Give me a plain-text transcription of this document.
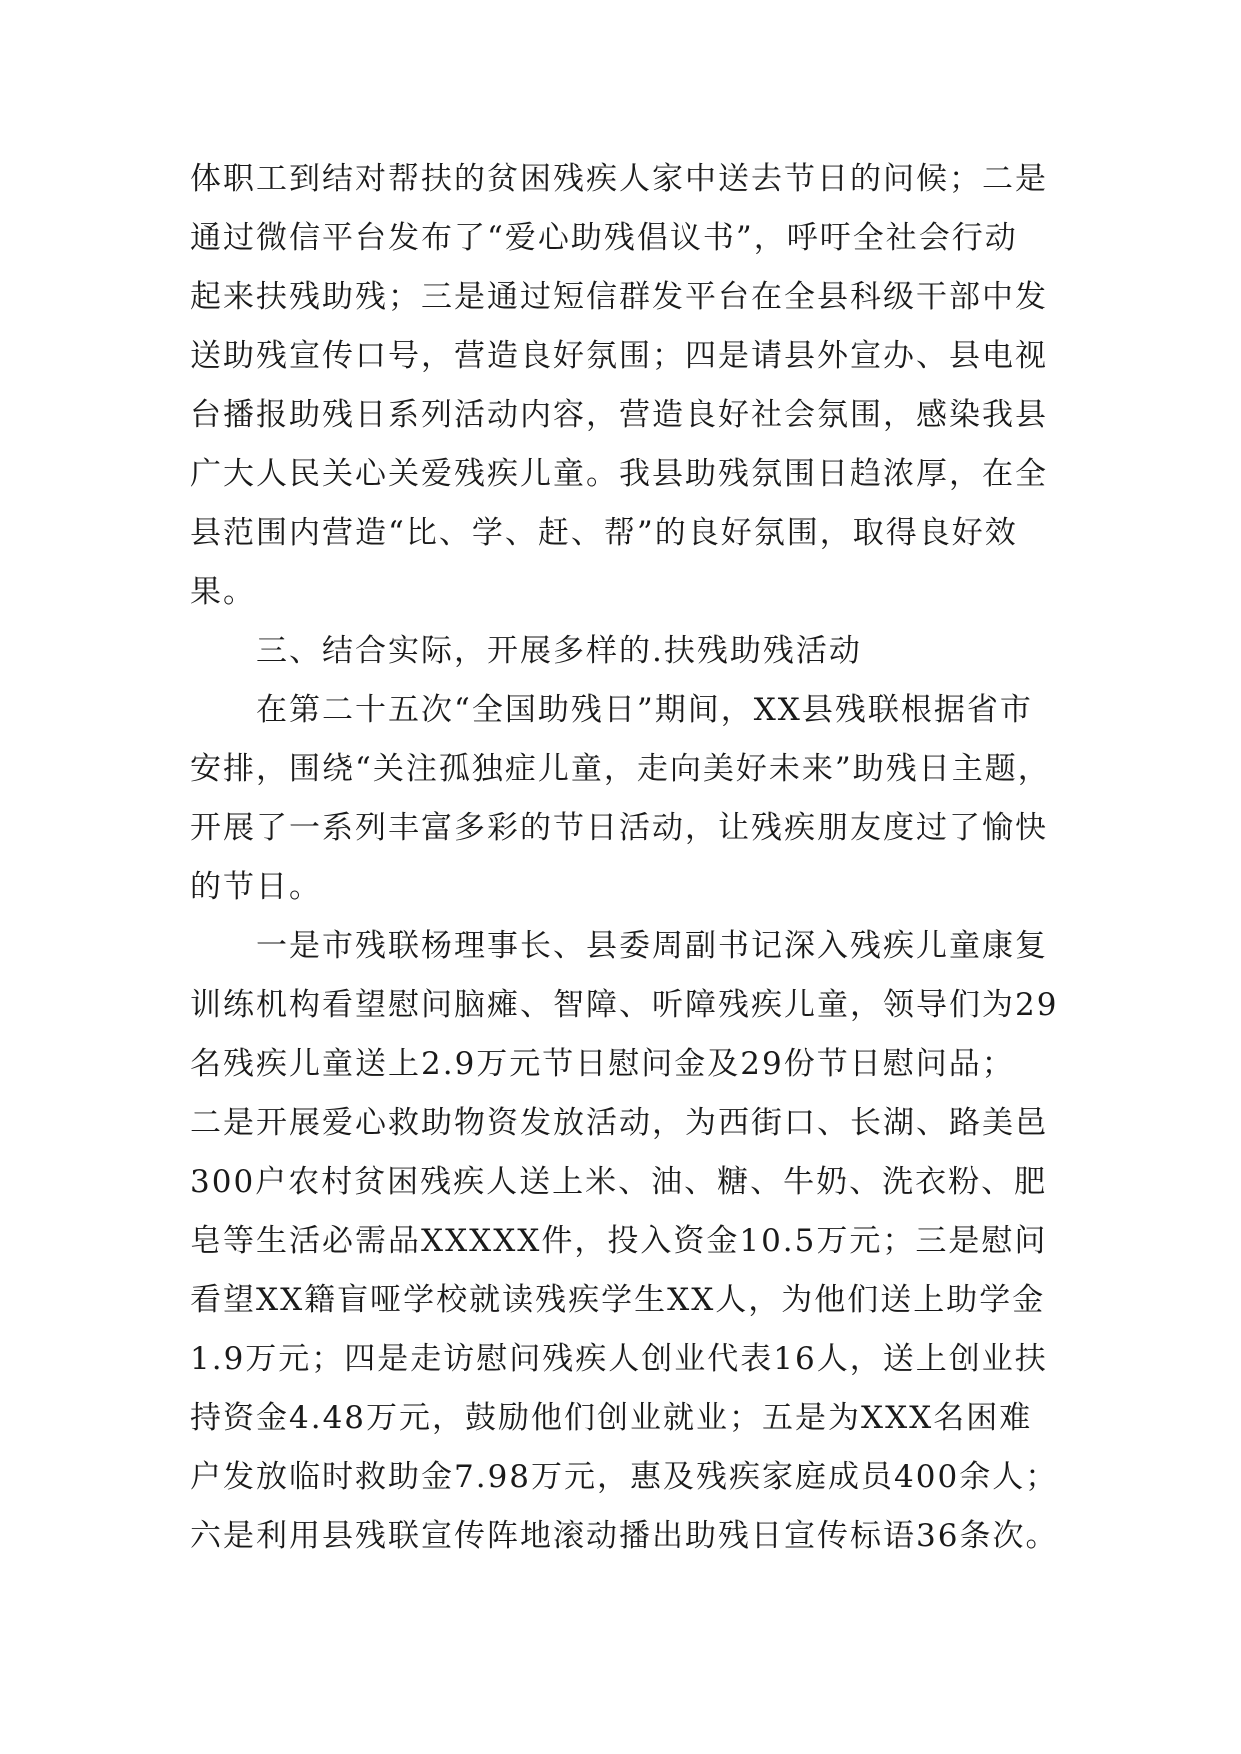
体职工到结对帮扶的贫困残疾人家中送去节日的问候；二是
通过微信平台发布了“爱心助残倡议书”，呼吁全社会行动
起来扶残助残；三是通过短信群发平台在全县科级干部中发
送助残宣传口号，营造良好氛围；四是请县外宣办、县电视
台播报助残日系列活动内容，营造良好社会氛围，感染我县
广大人民关心关爱残疾儿童。我县助残氛围日趋浓厚，在全
县范围内营造“比、学、赶、帮”的良好氛围，取得良好效
果。
三、结合实际，开展多样的.扶残助残活动
在第二十五次“全国助残日”期间，XX县残联根据省市
安排，围绕“关注孤独症儿童，走向美好未来”助残日主题，
开展了一系列丰富多彩的节日活动，让残疾朋友度过了愉快
的节日。
一是市残联杨理事长、县委周副书记深入残疾儿童康复
训练机构看望慰问脑瘫、智障、听障残疾儿童，领导们为29
名残疾儿童送上2.9万元节日慰问金及29份节日慰问品；
二是开展爱心救助物资发放活动，为西街口、长湖、路美邑
300户农村贫困残疾人送上米、油、糖、牛奶、洗衣粉、肥
皂等生活必需品XXXXX件，投入资金10.5万元；三是慰问
看望XX籍盲哑学校就读残疾学生XX人，为他们送上助学金
1.9万元；四是走访慰问残疾人创业代表16人，送上创业扶
持资金4.48万元，鼓励他们创业就业；五是为XXX名困难
户发放临时救助金7.98万元，惠及残疾家庭成员400余人；
六是利用县残联宣传阵地滚动播出助残日宣传标语36条次。
